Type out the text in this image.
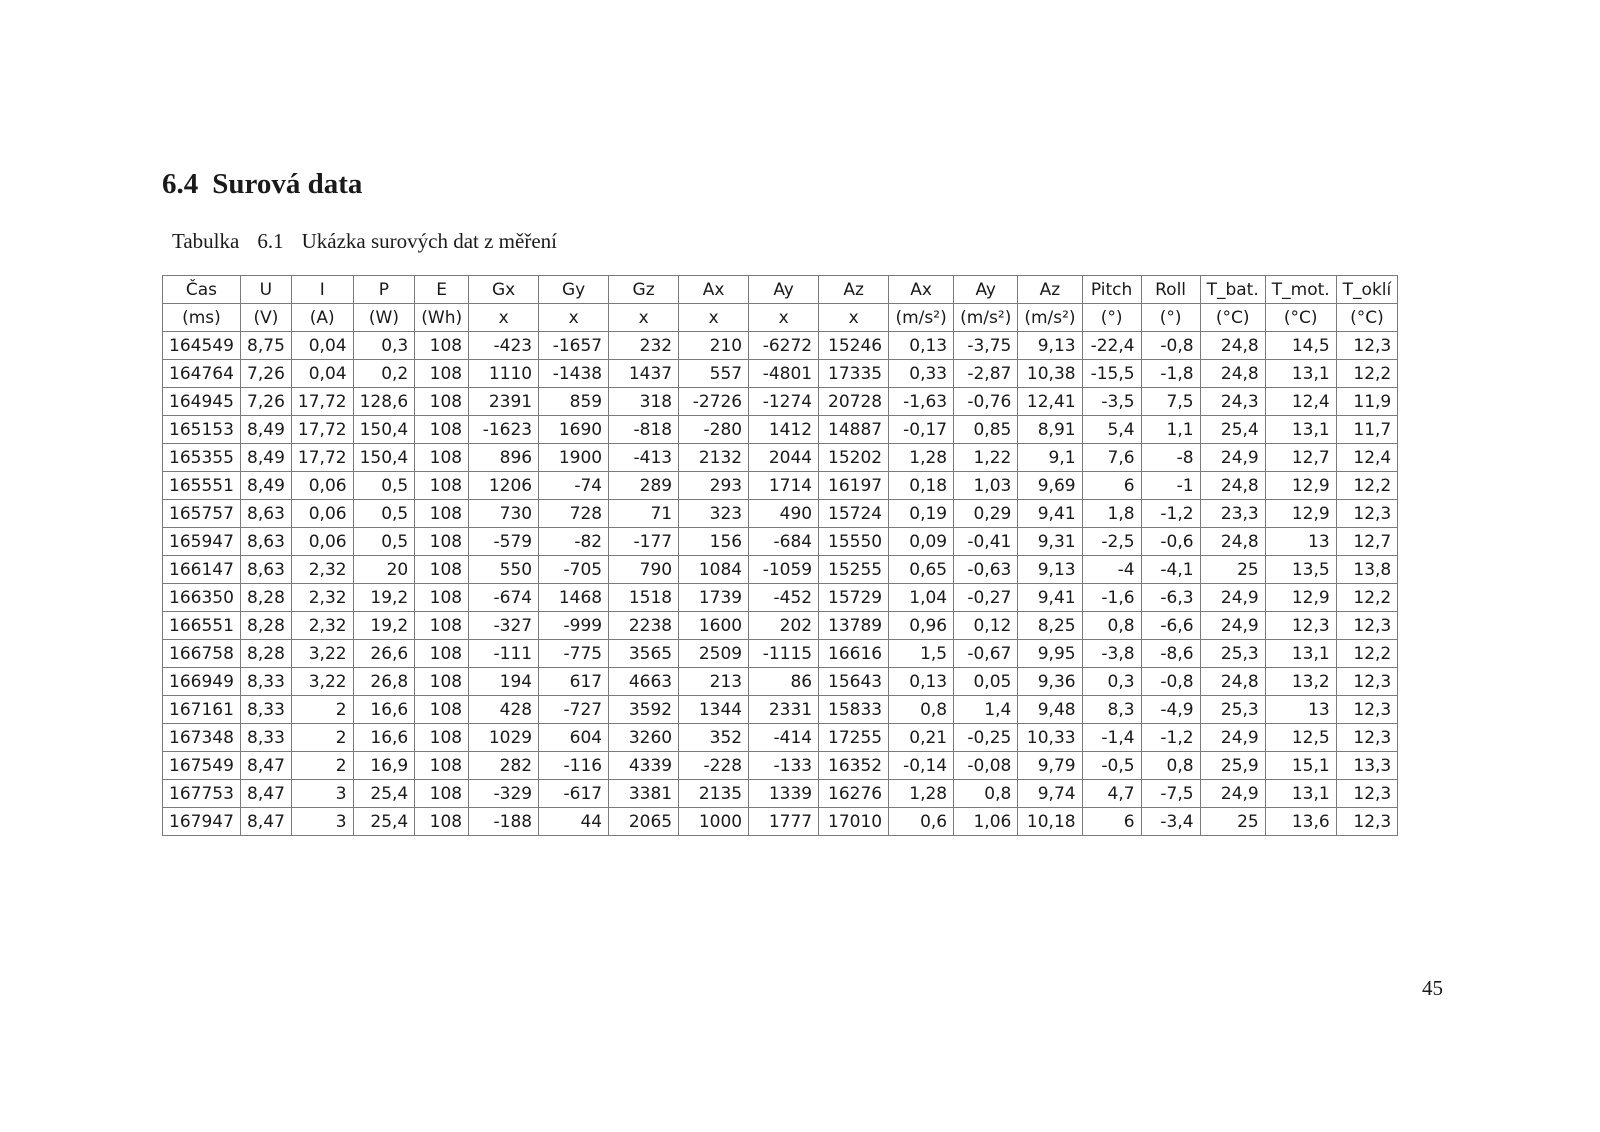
6.4 Surová data
Tabulka 6.1 Ukázka surových dat z měření
Čas	U	I	P	E	Gx	Gy	Gz	Ax	Ay	Az	Ax	Ay	Az	Pitch	Roll	T_bat.	T_mot.	T_oklí
(ms)	(V)	(A)	(W)	(Wh)	x	x	x	x	x	x	(m/s²)	(m/s²)	(m/s²)	(°)	(°)	(°C)	(°C)	(°C)
164549	8,75	0,04	0,3	108	-423	-1657	232	210	-6272	15246	0,13	-3,75	9,13	-22,4	-0,8	24,8	14,5	12,3
164764	7,26	0,04	0,2	108	1110	-1438	1437	557	-4801	17335	0,33	-2,87	10,38	-15,5	-1,8	24,8	13,1	12,2
164945	7,26	17,72	128,6	108	2391	859	318	-2726	-1274	20728	-1,63	-0,76	12,41	-3,5	7,5	24,3	12,4	11,9
165153	8,49	17,72	150,4	108	-1623	1690	-818	-280	1412	14887	-0,17	0,85	8,91	5,4	1,1	25,4	13,1	11,7
165355	8,49	17,72	150,4	108	896	1900	-413	2132	2044	15202	1,28	1,22	9,1	7,6	-8	24,9	12,7	12,4
165551	8,49	0,06	0,5	108	1206	-74	289	293	1714	16197	0,18	1,03	9,69	6	-1	24,8	12,9	12,2
165757	8,63	0,06	0,5	108	730	728	71	323	490	15724	0,19	0,29	9,41	1,8	-1,2	23,3	12,9	12,3
165947	8,63	0,06	0,5	108	-579	-82	-177	156	-684	15550	0,09	-0,41	9,31	-2,5	-0,6	24,8	13	12,7
166147	8,63	2,32	20	108	550	-705	790	1084	-1059	15255	0,65	-0,63	9,13	-4	-4,1	25	13,5	13,8
166350	8,28	2,32	19,2	108	-674	1468	1518	1739	-452	15729	1,04	-0,27	9,41	-1,6	-6,3	24,9	12,9	12,2
166551	8,28	2,32	19,2	108	-327	-999	2238	1600	202	13789	0,96	0,12	8,25	0,8	-6,6	24,9	12,3	12,3
166758	8,28	3,22	26,6	108	-111	-775	3565	2509	-1115	16616	1,5	-0,67	9,95	-3,8	-8,6	25,3	13,1	12,2
166949	8,33	3,22	26,8	108	194	617	4663	213	86	15643	0,13	0,05	9,36	0,3	-0,8	24,8	13,2	12,3
167161	8,33	2	16,6	108	428	-727	3592	1344	2331	15833	0,8	1,4	9,48	8,3	-4,9	25,3	13	12,3
167348	8,33	2	16,6	108	1029	604	3260	352	-414	17255	0,21	-0,25	10,33	-1,4	-1,2	24,9	12,5	12,3
167549	8,47	2	16,9	108	282	-116	4339	-228	-133	16352	-0,14	-0,08	9,79	-0,5	0,8	25,9	15,1	13,3
167753	8,47	3	25,4	108	-329	-617	3381	2135	1339	16276	1,28	0,8	9,74	4,7	-7,5	24,9	13,1	12,3
167947	8,47	3	25,4	108	-188	44	2065	1000	1777	17010	0,6	1,06	10,18	6	-3,4	25	13,6	12,3
45
